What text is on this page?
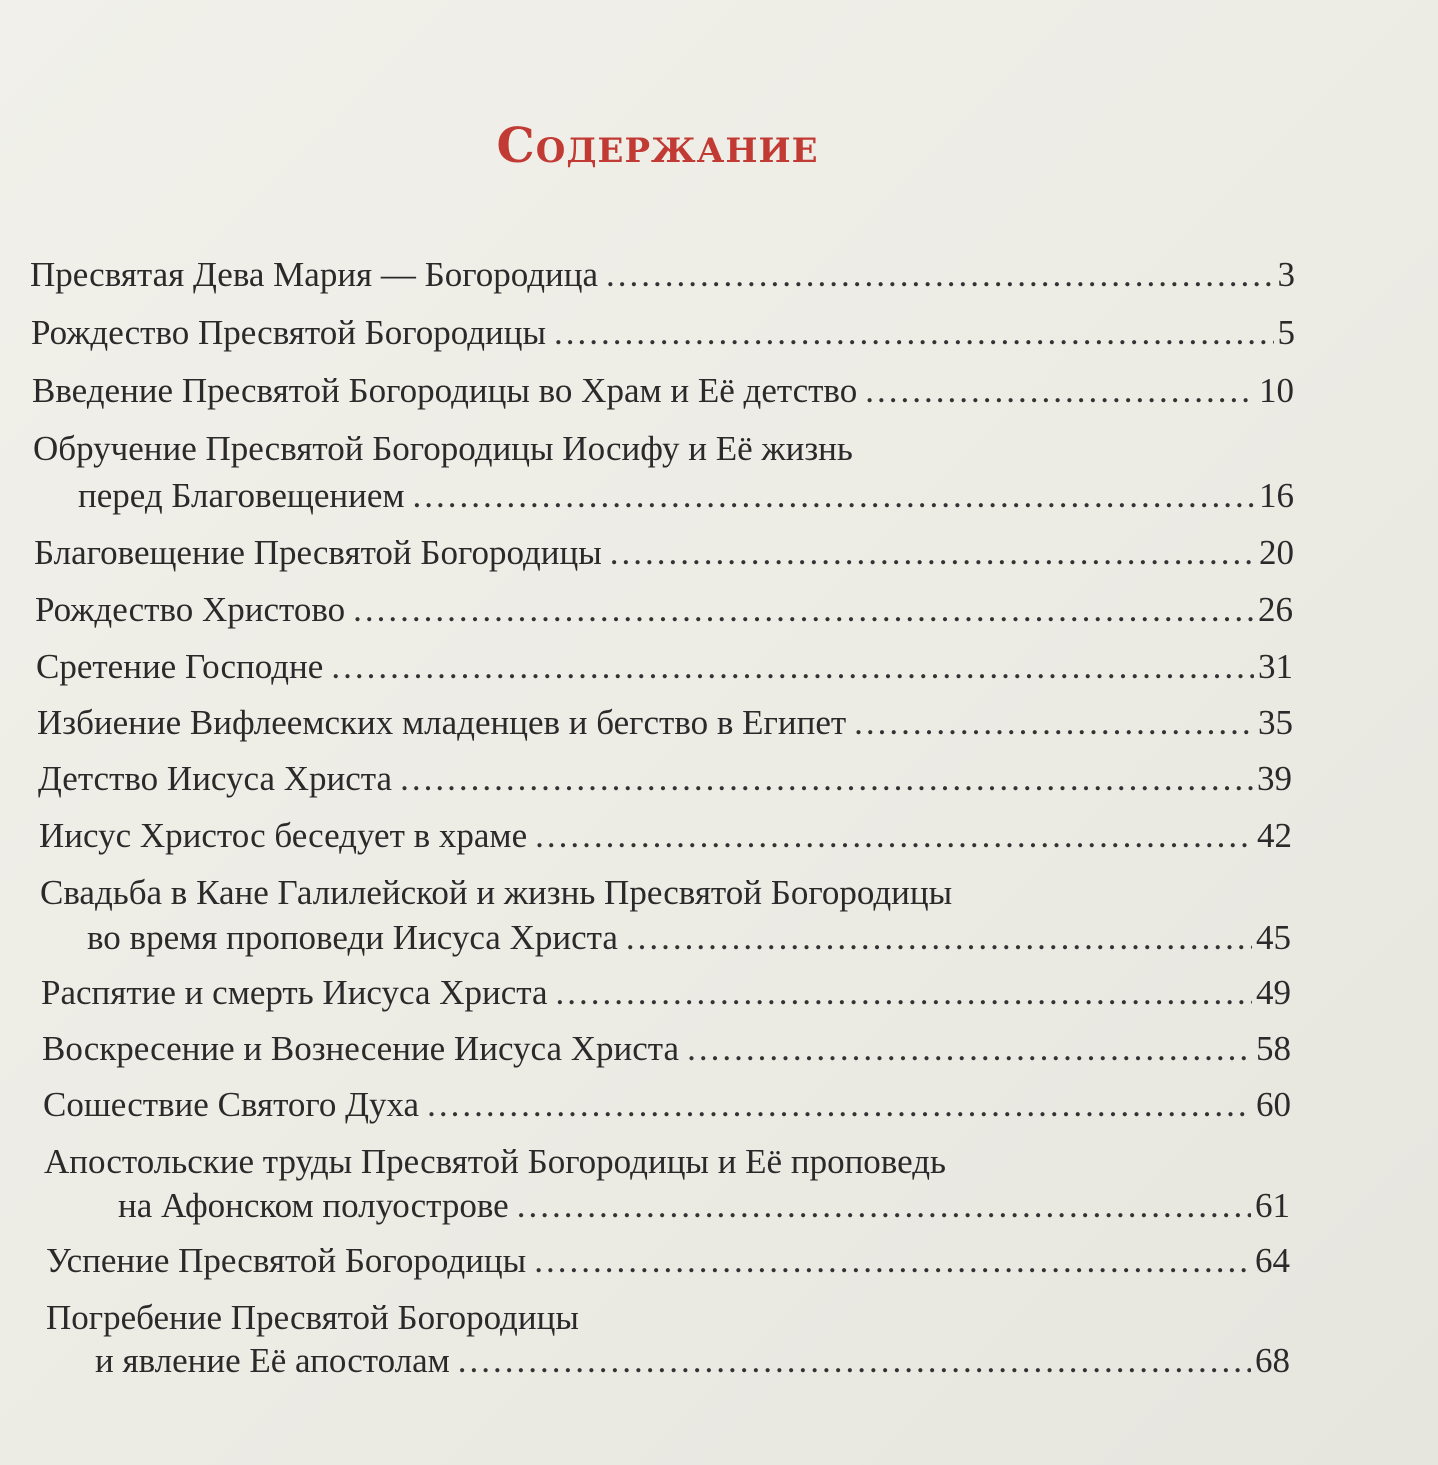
Содержание
Пресвятая Дева Мария — Богородица .....	3
Рождество Пресвятой Богородицы .....	5
Введение Пресвятой Богородицы во Храм и Её детство .....	10
Обручение Пресвятой Богородицы Иосифу и Её жизнь
перед Благовещением .....	16
Благовещение Пресвятой Богородицы .....	20
Рождество Христово .....	26
Сретение Господне .....	31
Избиение Вифлеемских младенцев и бегство в Египет .....	35
Детство Иисуса Христа .....	39
Иисус Христос беседует в храме .....	42
Свадьба в Кане Галилейской и жизнь Пресвятой Богородицы
во время проповеди Иисуса Христа .....	45
Распятие и смерть Иисуса Христа .....	49
Воскресение и Вознесение Иисуса Христа .....	58
Сошествие Святого Духа .....	60
Апостольские труды Пресвятой Богородицы и Её проповедь
на Афонском полуострове .....	61
Успение Пресвятой Богородицы .....	64
Погребение Пресвятой Богородицы
и явление Её апостолам .....	68
